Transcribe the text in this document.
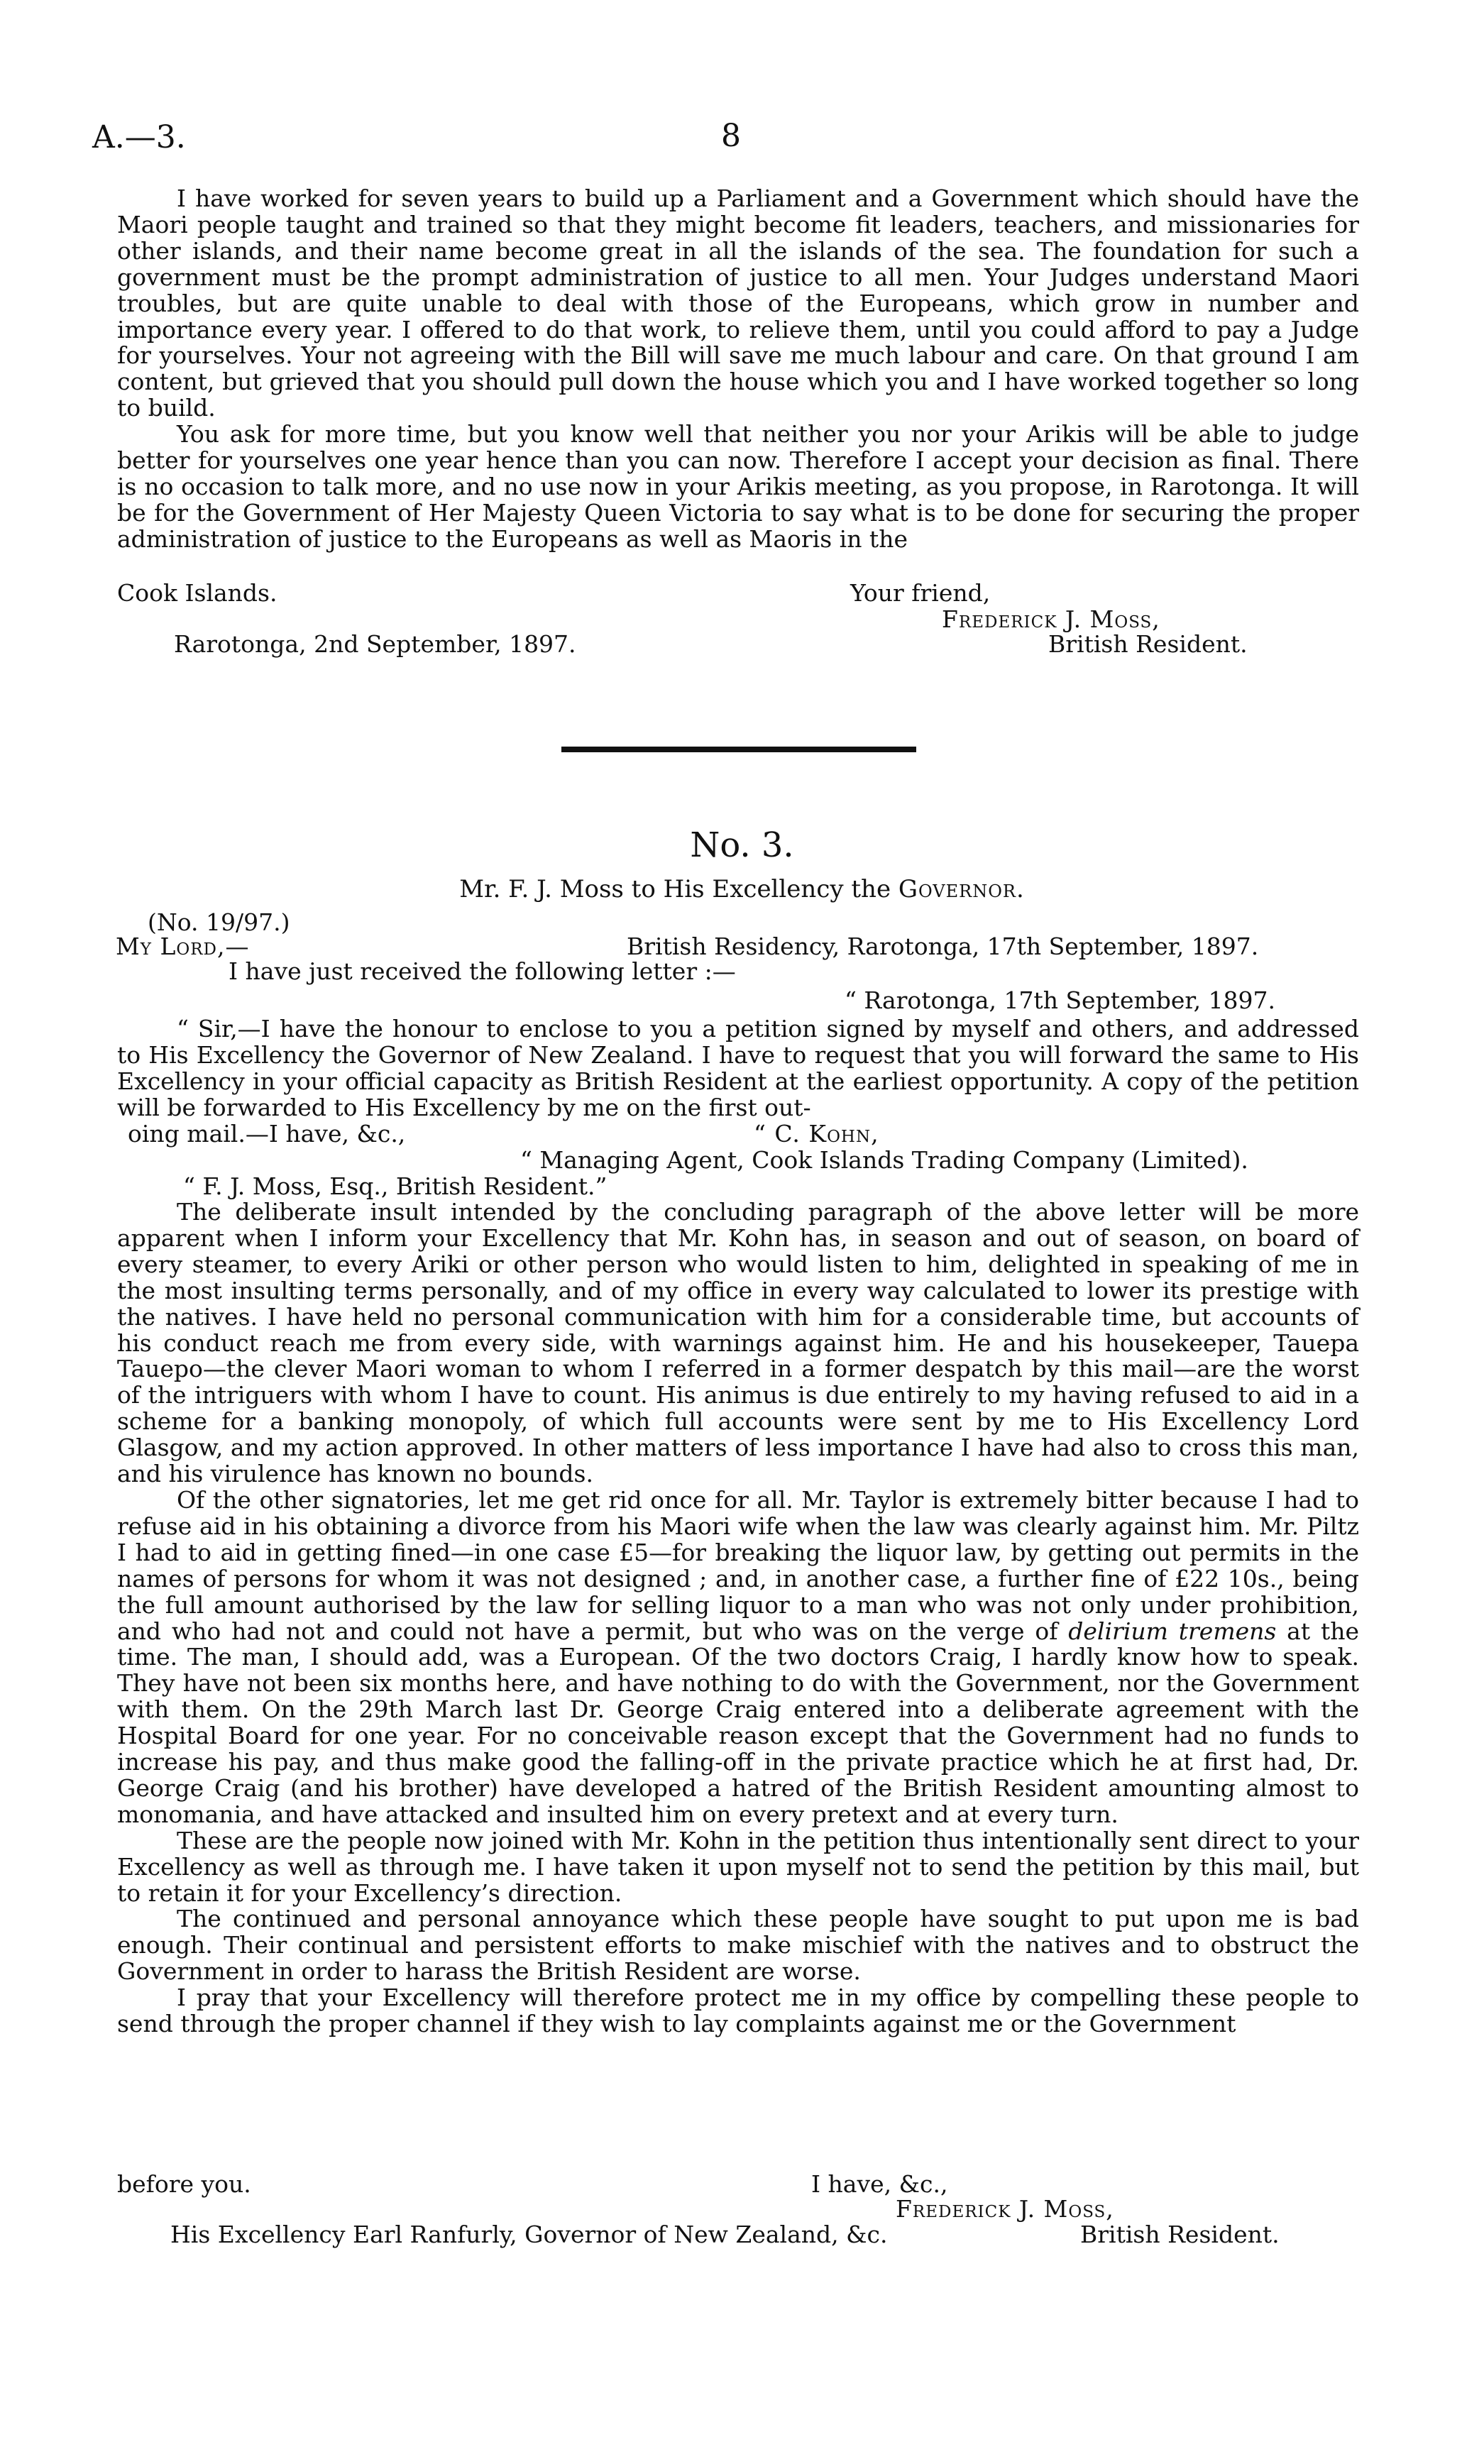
A.—3.	8

I have worked for seven years to build up a Parliament and a Government which should have the Maori people taught and trained so that they might become fit leaders, teachers, and missionaries for other islands, and their name become great in all the islands of the sea. The foundation for such a government must be the prompt administration of justice to all men. Your Judges understand Maori troubles, but are quite unable to deal with those of the Europeans, which grow in number and importance every year. I offered to do that work, to relieve them, until you could afford to pay a Judge for yourselves. Your not agreeing with the Bill will save me much labour and care. On that ground I am content, but grieved that you should pull down the house which you and I have worked together so long to build.

You ask for more time, but you know well that neither you nor your Arikis will be able to judge better for yourselves one year hence than you can now. Therefore I accept your decision as final. There is no occasion to talk more, and no use now in your Arikis meeting, as you propose, in Rarotonga. It will be for the Government of Her Majesty Queen Victoria to say what is to be done for securing the proper administration of justice to the Europeans as well as Maoris in the

Cook Islands.	Your friend,
Frederick J. Moss,
Rarotonga, 2nd September, 1897.	British Resident.
No. 3.
Mr. F. J. Moss to His Excellency the Governor.
(No. 19/97.)
My Lord,—	British Residency, Rarotonga, 17th September, 1897.
I have just received the following letter :—
“ Rarotonga, 17th September, 1897.

“ Sir,—I have the honour to enclose to you a petition signed by myself and others, and addressed to His Excellency the Governor of New Zealand. I have to request that you will forward the same to His Excellency in your official capacity as British Resident at the earliest opportunity. A copy of the petition will be forwarded to His Excellency by me on the first out-

oing mail.—I have, &c.,	“ C. Kohn,
“ Managing Agent, Cook Islands Trading Company (Limited).
“ F. J. Moss, Esq., British Resident.”

The deliberate insult intended by the concluding paragraph of the above letter will be more apparent when I inform your Excellency that Mr. Kohn has, in season and out of season, on board of every steamer, to every Ariki or other person who would listen to him, delighted in speaking of me in the most insulting terms personally, and of my office in every way calculated to lower its prestige with the natives. I have held no personal communication with him for a considerable time, but accounts of his conduct reach me from every side, with warnings against him. He and his housekeeper, Tauepa Tauepo—the clever Maori woman to whom I referred in a former despatch by this mail—are the worst of the intriguers with whom I have to count. His animus is due entirely to my having refused to aid in a scheme for a banking monopoly, of which full accounts were sent by me to His Excellency Lord Glasgow, and my action approved. In other matters of less importance I have had also to cross this man, and his virulence has known no bounds.

Of the other signatories, let me get rid once for all. Mr. Taylor is extremely bitter because I had to refuse aid in his obtaining a divorce from his Maori wife when the law was clearly against him. Mr. Piltz I had to aid in getting fined—in one case £5—for breaking the liquor law, by getting out permits in the names of persons for whom it was not designed ; and, in another case, a further fine of £22 10s., being the full amount authorised by the law for selling liquor to a man who was not only under prohibition, and who had not and could not have a permit, but who was on the verge of delirium tremens at the time. The man, I should add, was a European. Of the two doctors Craig, I hardly know how to speak. They have not been six months here, and have nothing to do with the Government, nor the Government with them. On the 29th March last Dr. George Craig entered into a deliberate agreement with the Hospital Board for one year. For no conceivable reason except that the Government had no funds to increase his pay, and thus make good the falling-off in the private practice which he at first had, Dr. George Craig (and his brother) have developed a hatred of the British Resident amounting almost to monomania, and have attacked and insulted him on every pretext and at every turn.

These are the people now joined with Mr. Kohn in the petition thus intentionally sent direct to your Excellency as well as through me. I have taken it upon myself not to send the petition by this mail, but to retain it for your Excellency’s direction.

The continued and personal annoyance which these people have sought to put upon me is bad enough. Their continual and persistent efforts to make mischief with the natives and to obstruct the Government in order to harass the British Resident are worse.

I pray that your Excellency will therefore protect me in my office by compelling these people to send through the proper channel if they wish to lay complaints against me or the Government

before you.	I have, &c.,
Frederick J. Moss,
His Excellency Earl Ranfurly, Governor of New Zealand, &c.	British Resident.
